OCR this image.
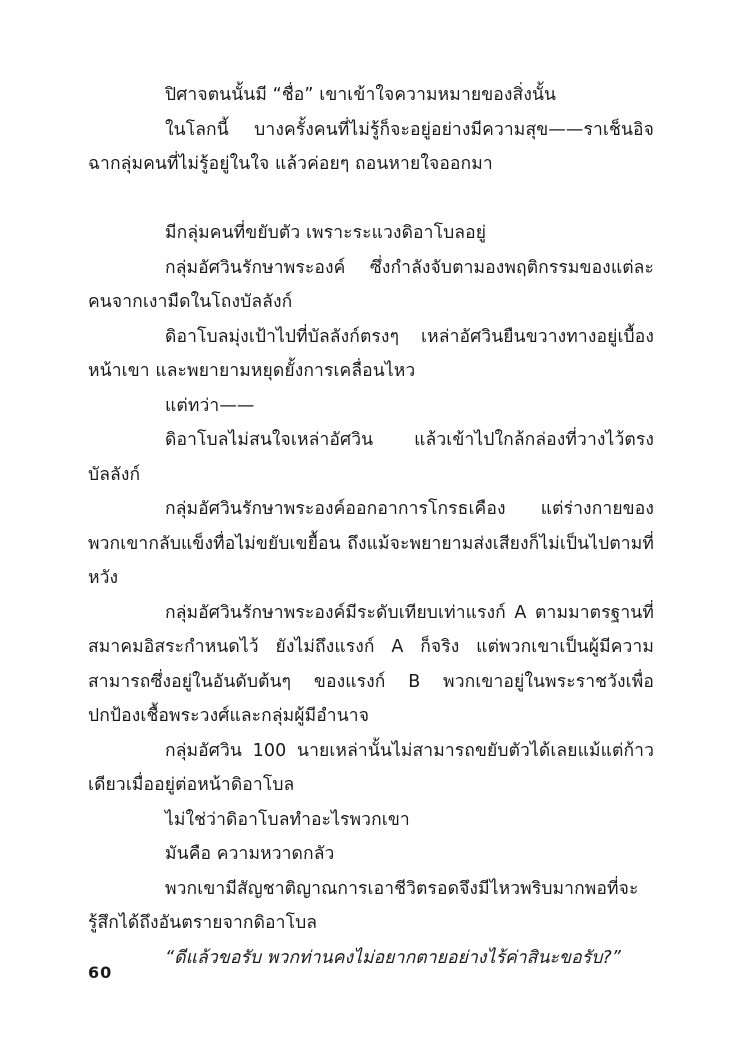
ปิศาจตนนั้นมี “ชื่อ” เขาเข้าใจความหมายของสิ่งนั้น

ในโลกนี้ บางครั้งคนที่ไม่รู้ก็จะอยู่อย่างมีความสุข——ราเช็นอิจฉากลุ่มคนที่ไม่รู้อยู่ในใจ แล้วค่อยๆ ถอนหายใจออกมา

มีกลุ่มคนที่ขยับตัว เพราะระแวงดิอาโบลอยู่

กลุ่มอัศวินรักษาพระองค์ ซึ่งกำลังจับตามองพฤติกรรมของแต่ละคนจากเงามืดในโถงบัลลังก์

ดิอาโบลมุ่งเป้าไปที่บัลลังก์ตรงๆ เหล่าอัศวินยืนขวางทางอยู่เบื้องหน้าเขา และพยายามหยุดยั้งการเคลื่อนไหว

แต่ทว่า——

ดิอาโบลไม่สนใจเหล่าอัศวิน แล้วเข้าไปใกล้กล่องที่วางไว้ตรงบัลลังก์

กลุ่มอัศวินรักษาพระองค์ออกอาการโกรธเคือง แต่ร่างกายของพวกเขากลับแข็งทื่อไม่ขยับเขยื้อน ถึงแม้จะพยายามส่งเสียงก็ไม่เป็นไปตามที่หวัง

กลุ่มอัศวินรักษาพระองค์มีระดับเทียบเท่าแรงก์ A ตามมาตรฐานที่สมาคมอิสระกำหนดไว้ ยังไม่ถึงแรงก์ A ก็จริง แต่พวกเขาเป็นผู้มีความสามารถซึ่งอยู่ในอันดับต้นๆ ของแรงก์ B พวกเขาอยู่ในพระราชวังเพื่อปกป้องเชื้อพระวงศ์และกลุ่มผู้มีอำนาจ

กลุ่มอัศวิน 100 นายเหล่านั้นไม่สามารถขยับตัวได้เลยแม้แต่ก้าวเดียวเมื่ออยู่ต่อหน้าดิอาโบล

ไม่ใช่ว่าดิอาโบลทำอะไรพวกเขา

มันคือ ความหวาดกลัว

พวกเขามีสัญชาติญาณการเอาชีวิตรอดจึงมีไหวพริบมากพอที่จะรู้สึกได้ถึงอันตรายจากดิอาโบล

“ดีแล้วขอรับ พวกท่านคงไม่อยากตายอย่างไร้ค่าสินะขอรับ?”

60
